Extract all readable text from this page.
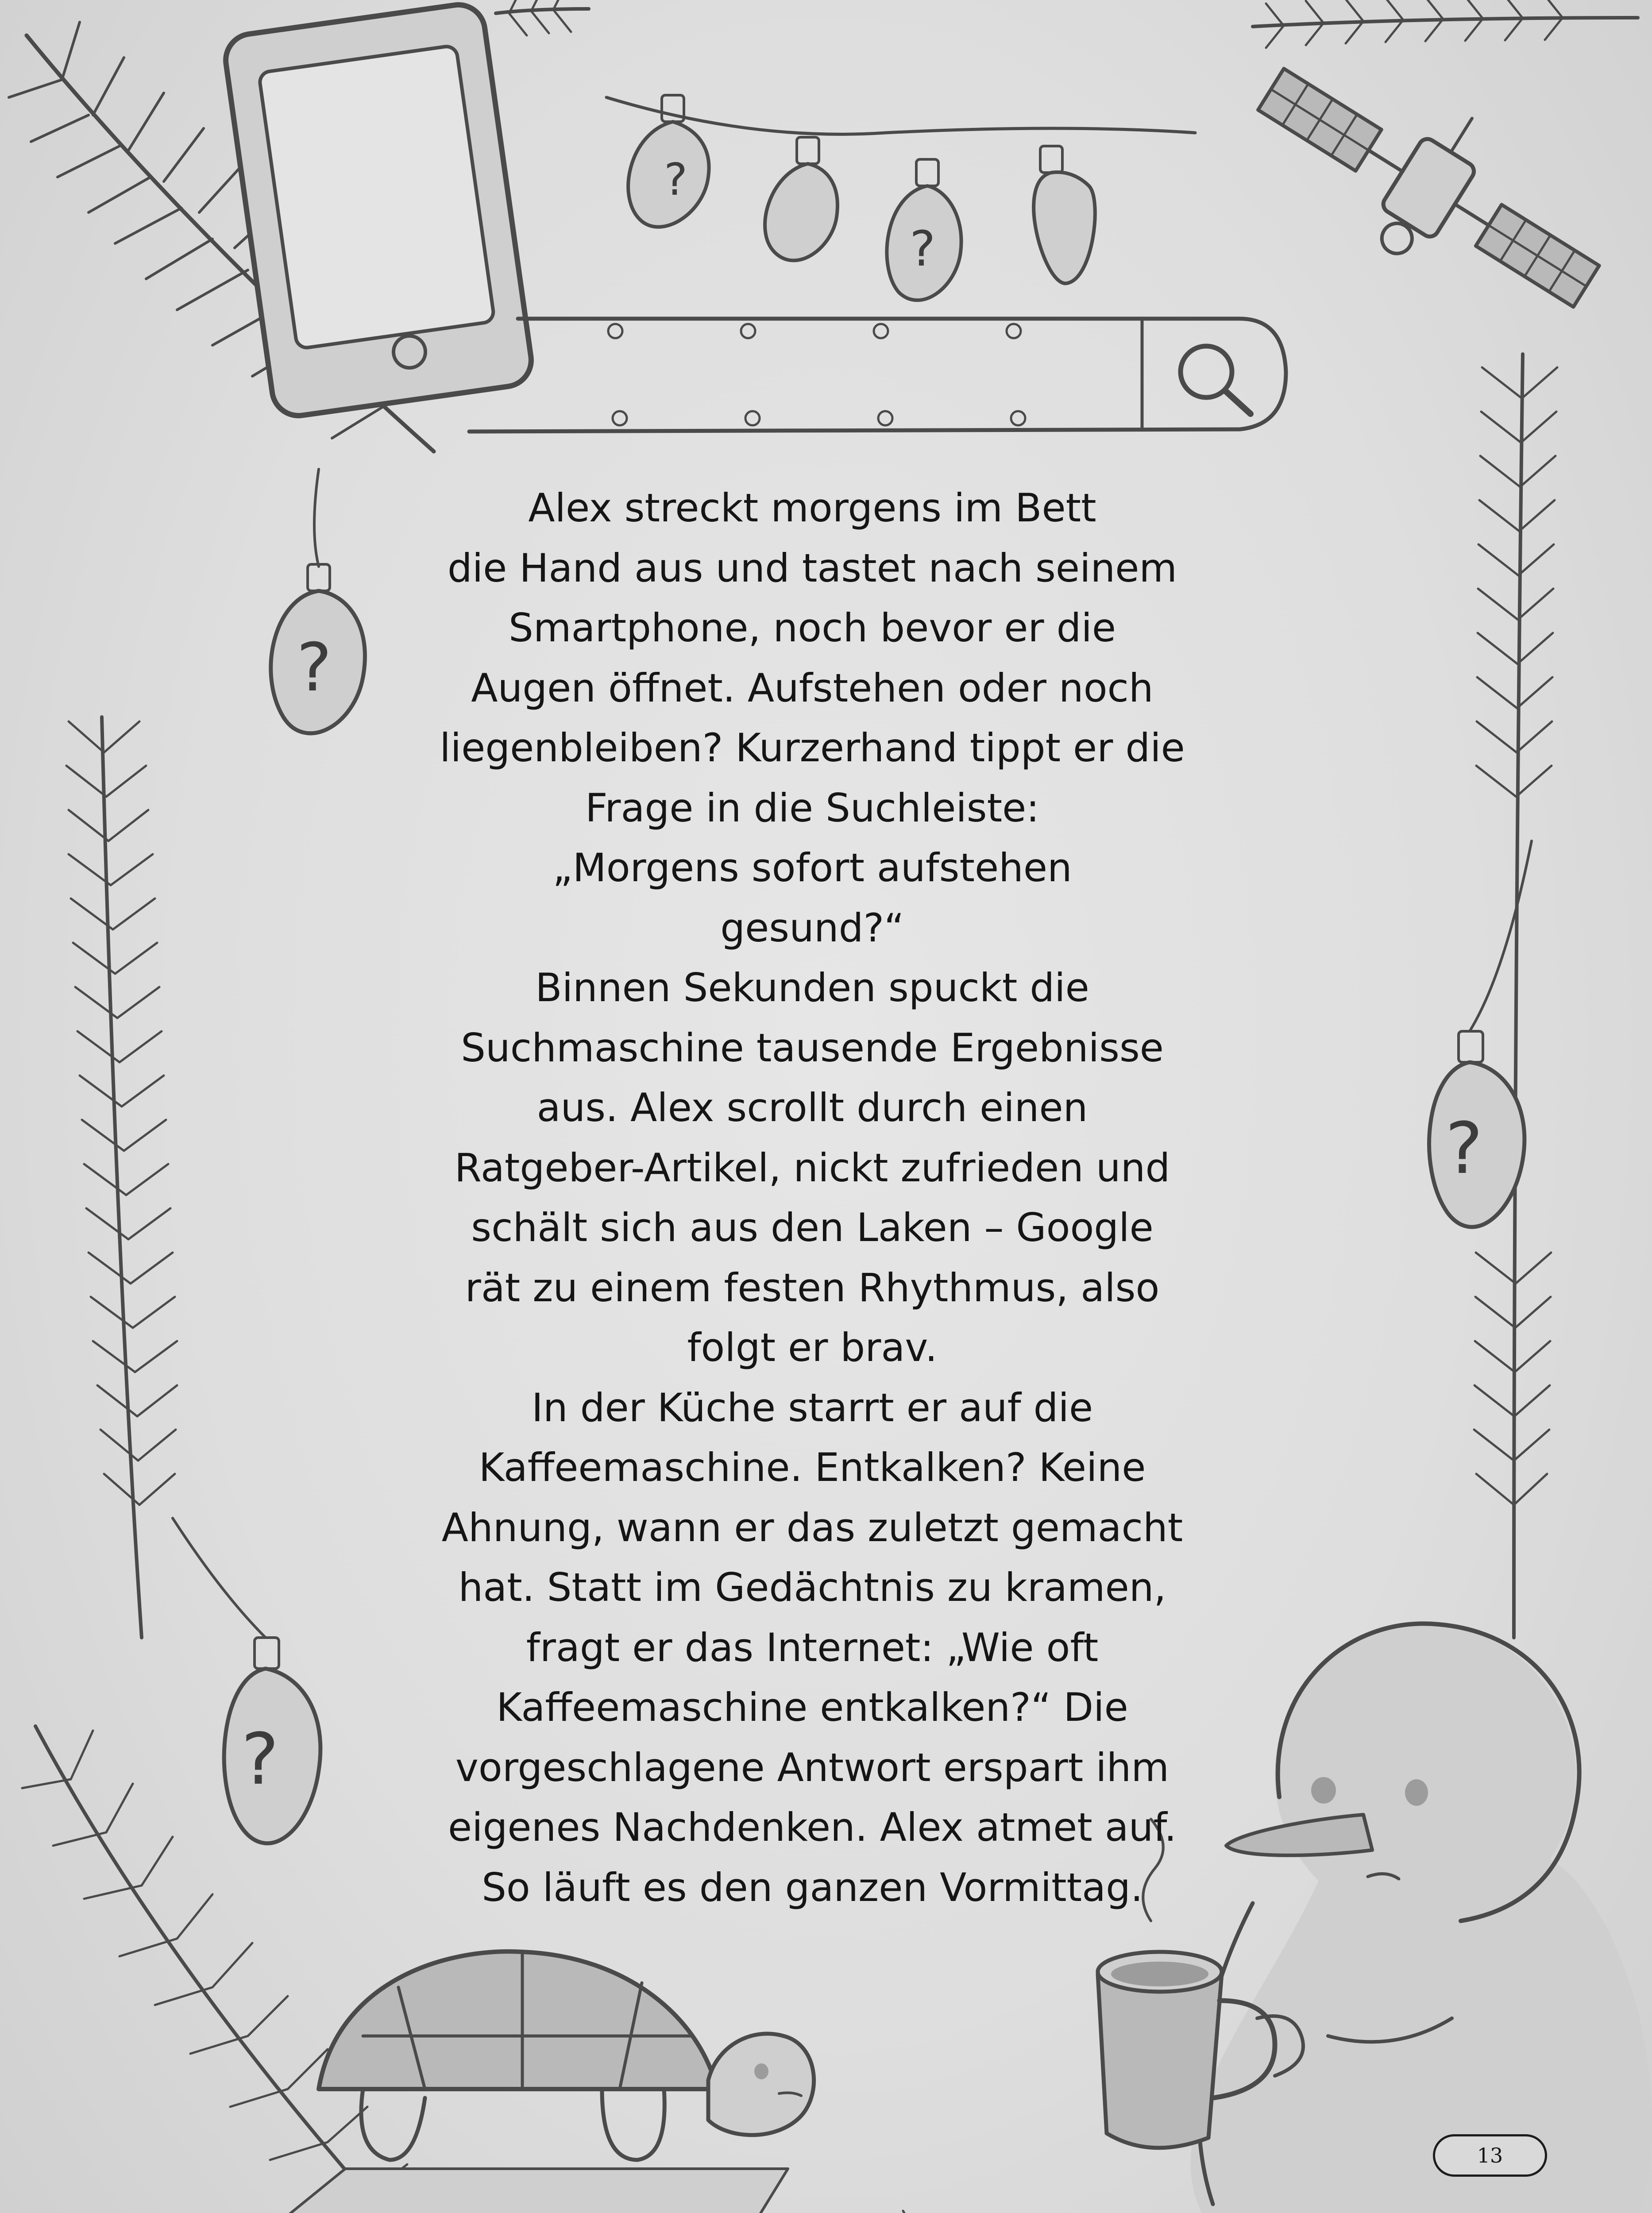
?
?
?
?
?
Alex streckt morgens im Bett
die Hand aus und tastet nach seinem
Smartphone, noch bevor er die
Augen öffnet. Aufstehen oder noch
liegenbleiben? Kurzerhand tippt er die
Frage in die Suchleiste:
„Morgens sofort aufstehen
gesund?“
Binnen Sekunden spuckt die
Suchmaschine tausende Ergebnisse
aus. Alex scrollt durch einen
Ratgeber-Artikel, nickt zufrieden und
schält sich aus den Laken – Google
rät zu einem festen Rhythmus, also
folgt er brav.
In der Küche starrt er auf die
Kaffeemaschine. Entkalken? Keine
Ahnung, wann er das zuletzt gemacht
hat. Statt im Gedächtnis zu kramen,
fragt er das Internet: „Wie oft
Kaffeemaschine entkalken?“ Die
vorgeschlagene Antwort erspart ihm
eigenes Nachdenken. Alex atmet auf.
So läuft es den ganzen Vormittag.
13
